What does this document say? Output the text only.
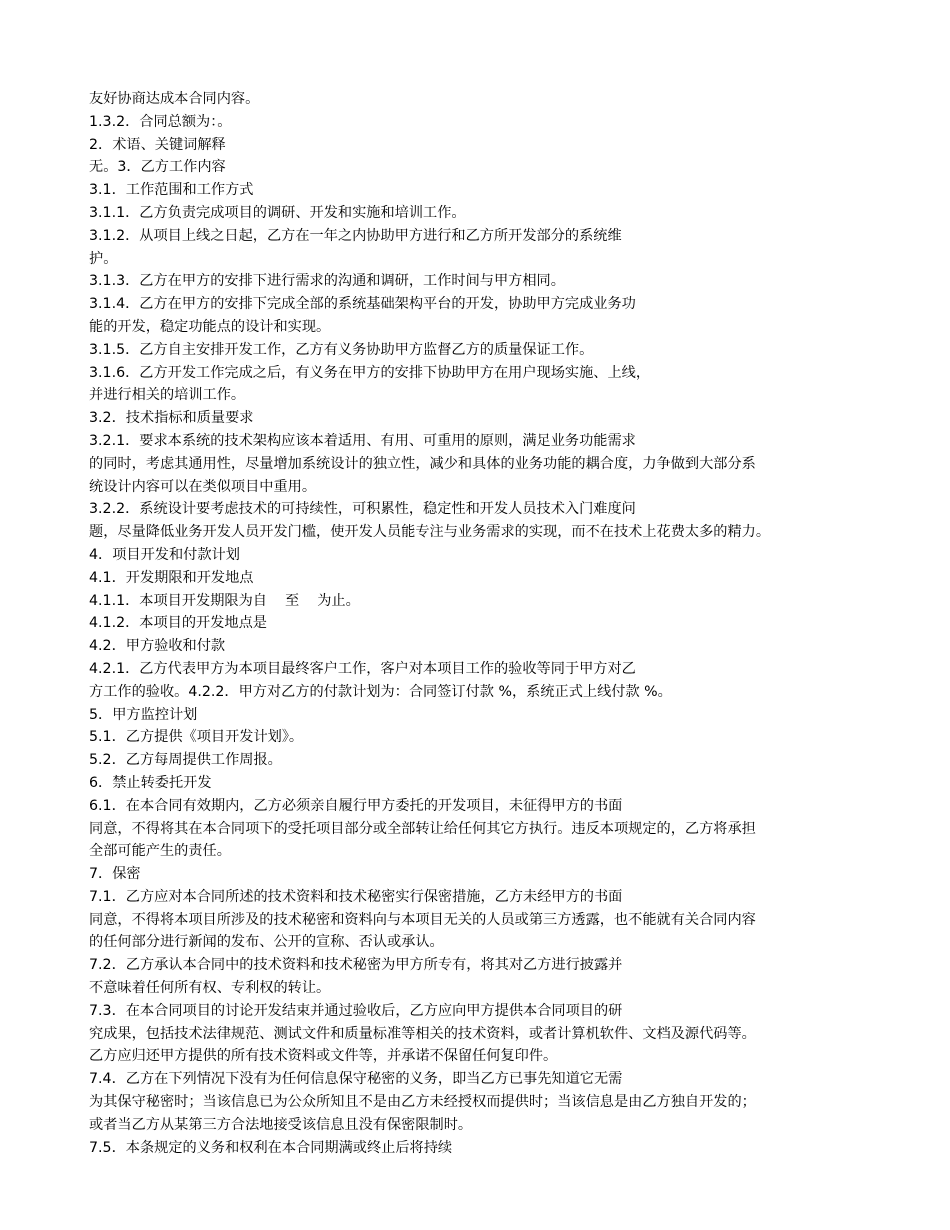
友好协商达成本合同内容。
1.3.2．合同总额为：。
2．术语、关键词解释
无。3．乙方工作内容
3.1．工作范围和工作方式
3.1.1．乙方负责完成项目的调研、开发和实施和培训工作。
3.1.2．从项目上线之日起，乙方在一年之内协助甲方进行和乙方所开发部分的系统维
护。
3.1.3．乙方在甲方的安排下进行需求的沟通和调研，工作时间与甲方相同。
3.1.4．乙方在甲方的安排下完成全部的系统基础架构平台的开发，协助甲方完成业务功
能的开发，稳定功能点的设计和实现。
3.1.5．乙方自主安排开发工作，乙方有义务协助甲方监督乙方的质量保证工作。
3.1.6．乙方开发工作完成之后，有义务在甲方的安排下协助甲方在用户现场实施、上线，
并进行相关的培训工作。
3.2．技术指标和质量要求
3.2.1．要求本系统的技术架构应该本着适用、有用、可重用的原则，满足业务功能需求
的同时，考虑其通用性，尽量增加系统设计的独立性，减少和具体的业务功能的耦合度，力争做到大部分系
统设计内容可以在类似项目中重用。
3.2.2．系统设计要考虑技术的可持续性，可积累性，稳定性和开发人员技术入门难度问
题，尽量降低业务开发人员开发门槛，使开发人员能专注与业务需求的实现，而不在技术上花费太多的精力。
4．项目开发和付款计划
4.1．开发期限和开发地点
4.1.1．本项目开发期限为自    至    为止。
4.1.2．本项目的开发地点是
4.2．甲方验收和付款
4.2.1．乙方代表甲方为本项目最终客户工作，客户对本项目工作的验收等同于甲方对乙
方工作的验收。4.2.2．甲方对乙方的付款计划为：合同签订付款 %，系统正式上线付款 %。
5．甲方监控计划
5.1．乙方提供《项目开发计划》。
5.2．乙方每周提供工作周报。
6．禁止转委托开发
6.1．在本合同有效期内，乙方必须亲自履行甲方委托的开发项目，未征得甲方的书面
同意，不得将其在本合同项下的受托项目部分或全部转让给任何其它方执行。违反本项规定的，乙方将承担
全部可能产生的责任。
7．保密
7.1．乙方应对本合同所述的技术资料和技术秘密实行保密措施，乙方未经甲方的书面
同意，不得将本项目所涉及的技术秘密和资料向与本项目无关的人员或第三方透露，也不能就有关合同内容
的任何部分进行新闻的发布、公开的宣称、否认或承认。
7.2．乙方承认本合同中的技术资料和技术秘密为甲方所专有，将其对乙方进行披露并
不意味着任何所有权、专利权的转让。
7.3．在本合同项目的讨论开发结束并通过验收后，乙方应向甲方提供本合同项目的研
究成果，包括技术法律规范、测试文件和质量标准等相关的技术资料，或者计算机软件、文档及源代码等。
乙方应归还甲方提供的所有技术资料或文件等，并承诺不保留任何复印件。
7.4．乙方在下列情况下没有为任何信息保守秘密的义务，即当乙方已事先知道它无需
为其保守秘密时；当该信息已为公众所知且不是由乙方未经授权而提供时；当该信息是由乙方独自开发的；
或者当乙方从某第三方合法地接受该信息且没有保密限制时。
7.5．本条规定的义务和权利在本合同期满或终止后将持续
